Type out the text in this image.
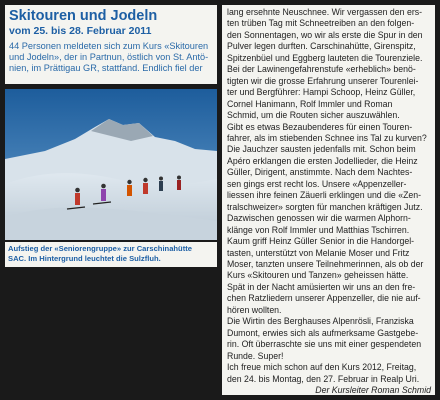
Skitouren und Jodeln

vom 25. bis 28. Februar 2011

44 Personen meldeten sich zum Kurs «Skitouren
und Jodeln», der in Partnun, östlich von St. Antö-
nien, im Prättigau GR, stattfand. Endlich fiel der

Aufstieg der «Seniorengruppe» zur Carschinahütte
SAC. Im Hintergrund leuchtet die Sulzfluh.

lang ersehnte Neuschnee. Wir vergassen den ers-
ten trüben Tag mit Schneetreiben an den folgen-
den Sonnentagen, wo wir als erste die Spur in den
Pulver legen durften. Carschinahütte, Girenspitz,
Spitzenbüel und Eggberg lauteten die Tourenziele.
Bei der Lawinengefahrenstufe «erheblich» benö-
tigten wir die grosse Erfahrung unserer Tourenlei-
ter und Bergführer: Hampi Schoop, Heinz Güller,
Cornel Hanimann, Rolf Immler und Roman
Schmid, um die Routen sicher auszuwählen.
Gibt es etwas Bezaubenderes für einen Touren-
fahrer, als im stiebenden Schnee ins Tal zu kurven?
Die Jauchzer sausten jedenfalls mit. Schon beim
Apéro erklangen die ersten Jodellieder, die Heinz
Güller, Dirigent, anstimmte. Nach dem Nachtes-
sen gings erst recht los. Unsere «Appenzeller-
liessen ihre feinen Zäuerli erklingen und die «Zen-
tralschweizer» sorgten für manchen kräftigen Jutz.
Dazwischen genossen wir die warmen Alphorn-
klänge von Rolf Immler und Matthias Tschirren.
Kaum griff Heinz Güller Senior in die Handorgel-
tasten, unterstützt von Melanie Moser und Fritz
Moser, tanzten unsere Teilnehmerinnen, als ob der
Kurs «Skitouren und Tanzen» geheissen hätte.
Spät in der Nacht amüsierten wir uns an den fre-
chen Ratzliedern unserer Appenzeller, die nie auf-
hören wollten.
Die Wirtin des Berghauses Alpenrösli, Franziska
Dumont, erwies sich als aufmerksame Gastgebe-
rin. Oft überraschte sie uns mit einer gespendeten
Runde. Super!
Ich freue mich schon auf den Kurs 2012, Freitag,
den 24. bis Montag, den 27. Februar in Realp Uri.
Der Kursleiter Roman Schmid
